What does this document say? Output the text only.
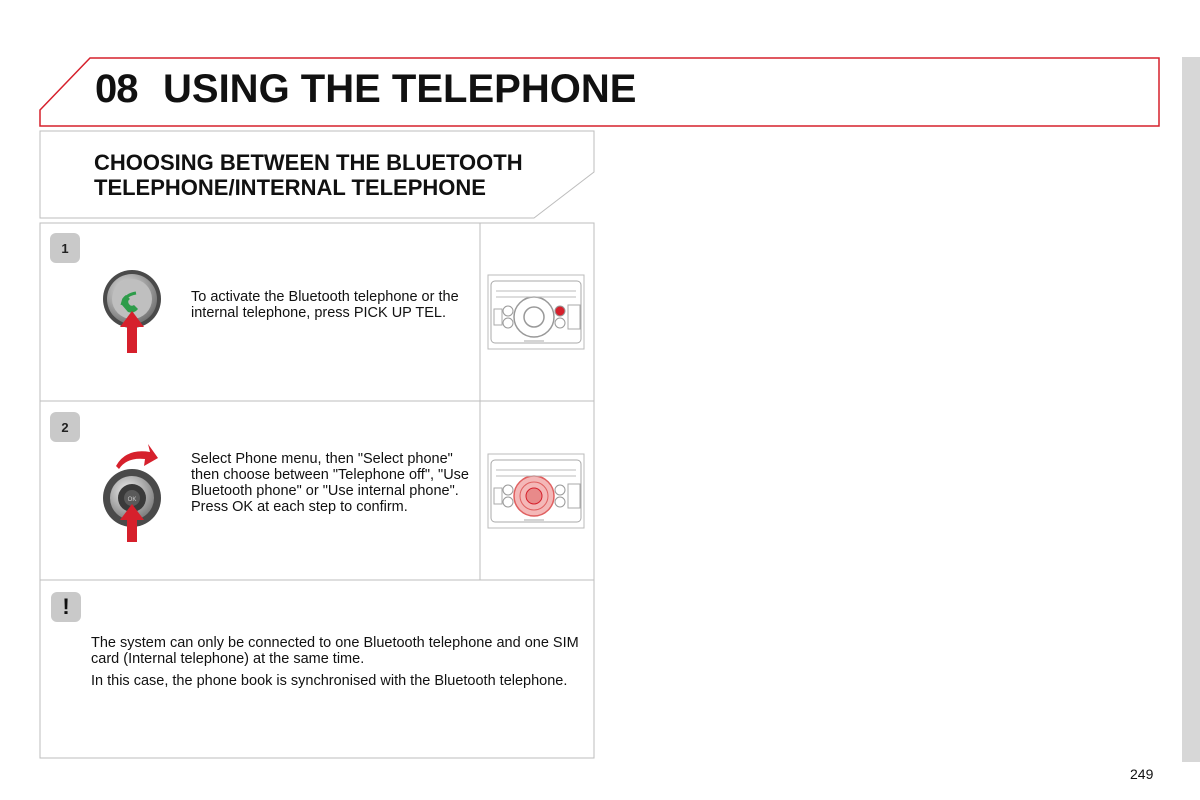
08 USING THE TELEPHONE
CHOOSING BETWEEN THE BLUETOOTH TELEPHONE/INTERNAL TELEPHONE
1
To activate the Bluetooth telephone or the internal telephone, press PICK UP TEL.
2
OK
Select Phone menu, then "Select phone" then choose between "Telephone off", "Use Bluetooth phone" or "Use internal phone". Press OK at each step to confirm.
!

The system can only be connected to one Bluetooth telephone and one SIM card (Internal telephone) at the same time.

In this case, the phone book is synchronised with the Bluetooth telephone.

249
